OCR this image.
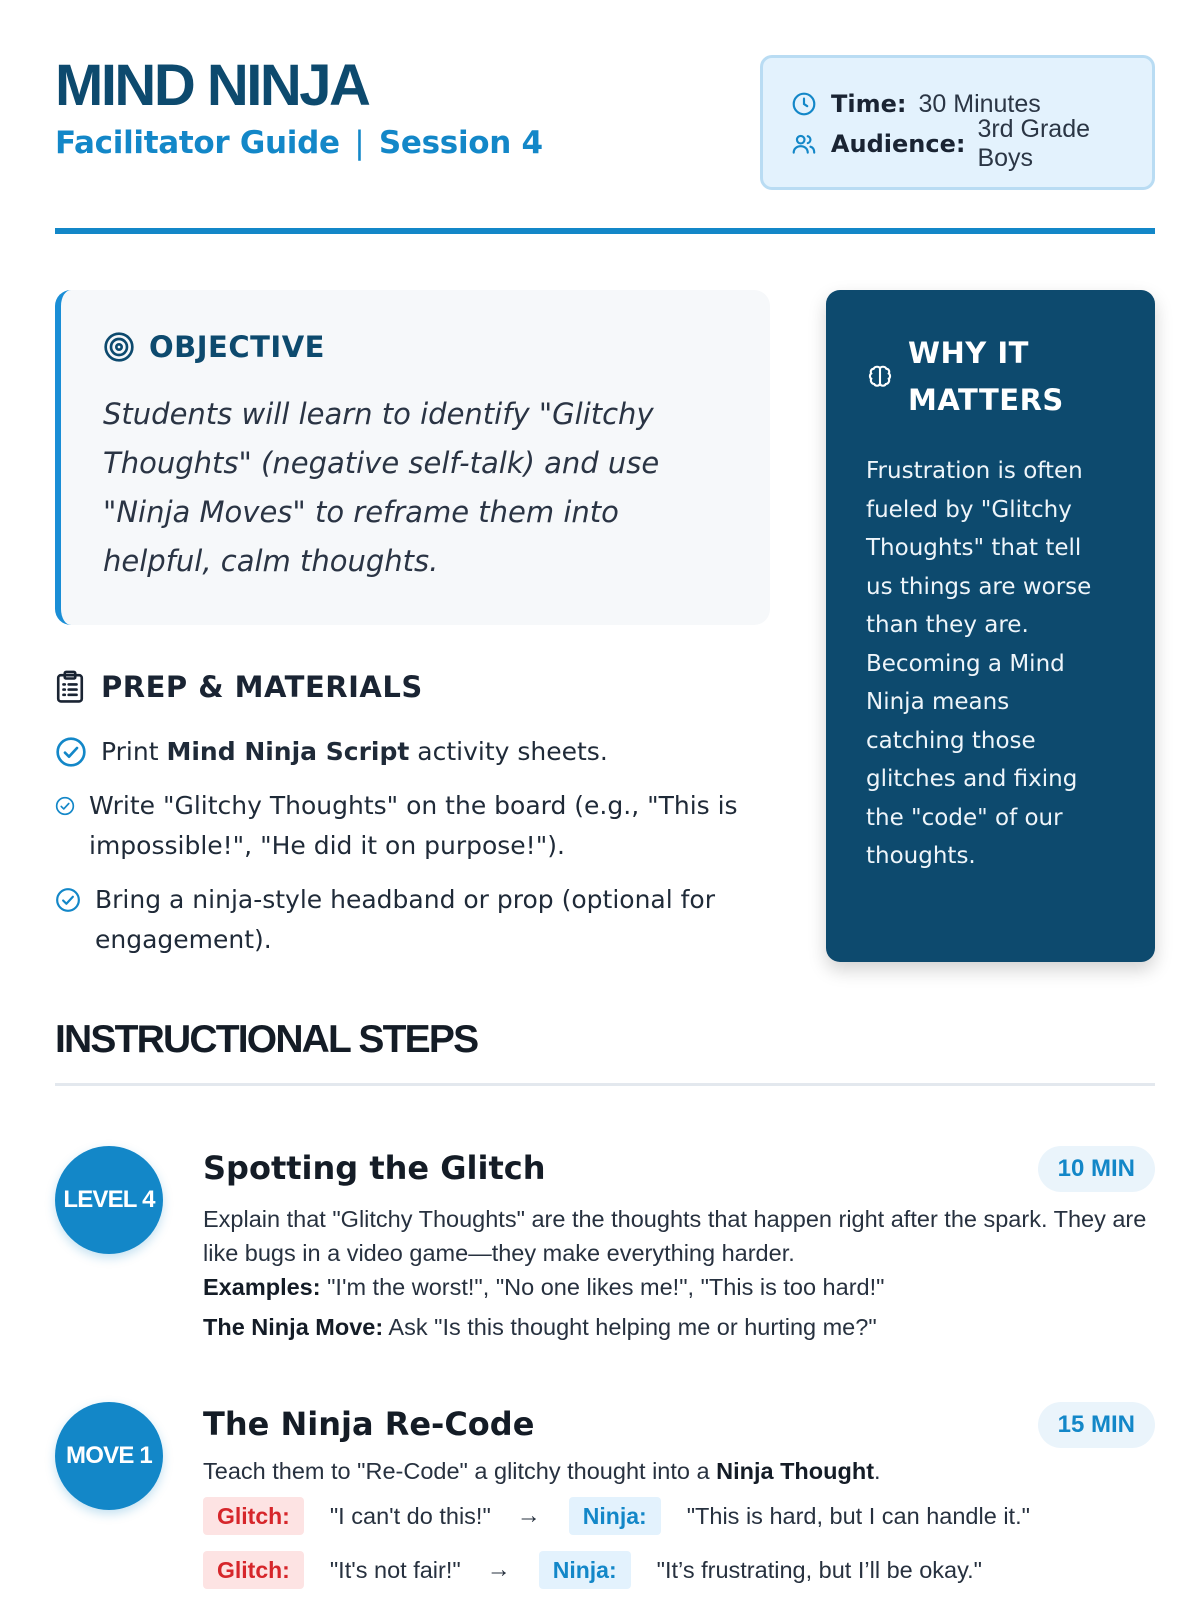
MIND NINJA
Facilitator Guide | Session 4
Time: 30 Minutes
Audience:
3rd Grade Boys
OBJECTIVE
Students will learn to identify "Glitchy Thoughts" (negative self-talk) and use "Ninja Moves" to reframe them into helpful, calm thoughts.
WHY IT MATTERS
Frustration is often fueled by "Glitchy Thoughts" that tell us things are worse than they are. Becoming a Mind Ninja means catching those glitches and fixing the "code" of our thoughts.
PREP & MATERIALS
Print Mind Ninja Script activity sheets.
Write "Glitchy Thoughts" on the board (e.g., "This is impossible!", "He did it on purpose!").
Bring a ninja-style headband or prop (optional for engagement).
INSTRUCTIONAL STEPS
LEVEL 4
Spotting the Glitch	10 MIN
Explain that "Glitchy Thoughts" are the thoughts that happen right after the spark. They are like bugs in a video game—they make everything harder.
Examples: "I'm the worst!", "No one likes me!", "This is too hard!"
The Ninja Move: Ask "Is this thought helping me or hurting me?"
MOVE 1
The Ninja Re-Code	15 MIN
Teach them to "Re-Code" a glitchy thought into a Ninja Thought.
Glitch:	"I can't do this!" →	Ninja:	"This is hard, but I can handle it."
Glitch:	"It's not fair!" →	Ninja:	"It’s frustrating, but I’ll be okay."
